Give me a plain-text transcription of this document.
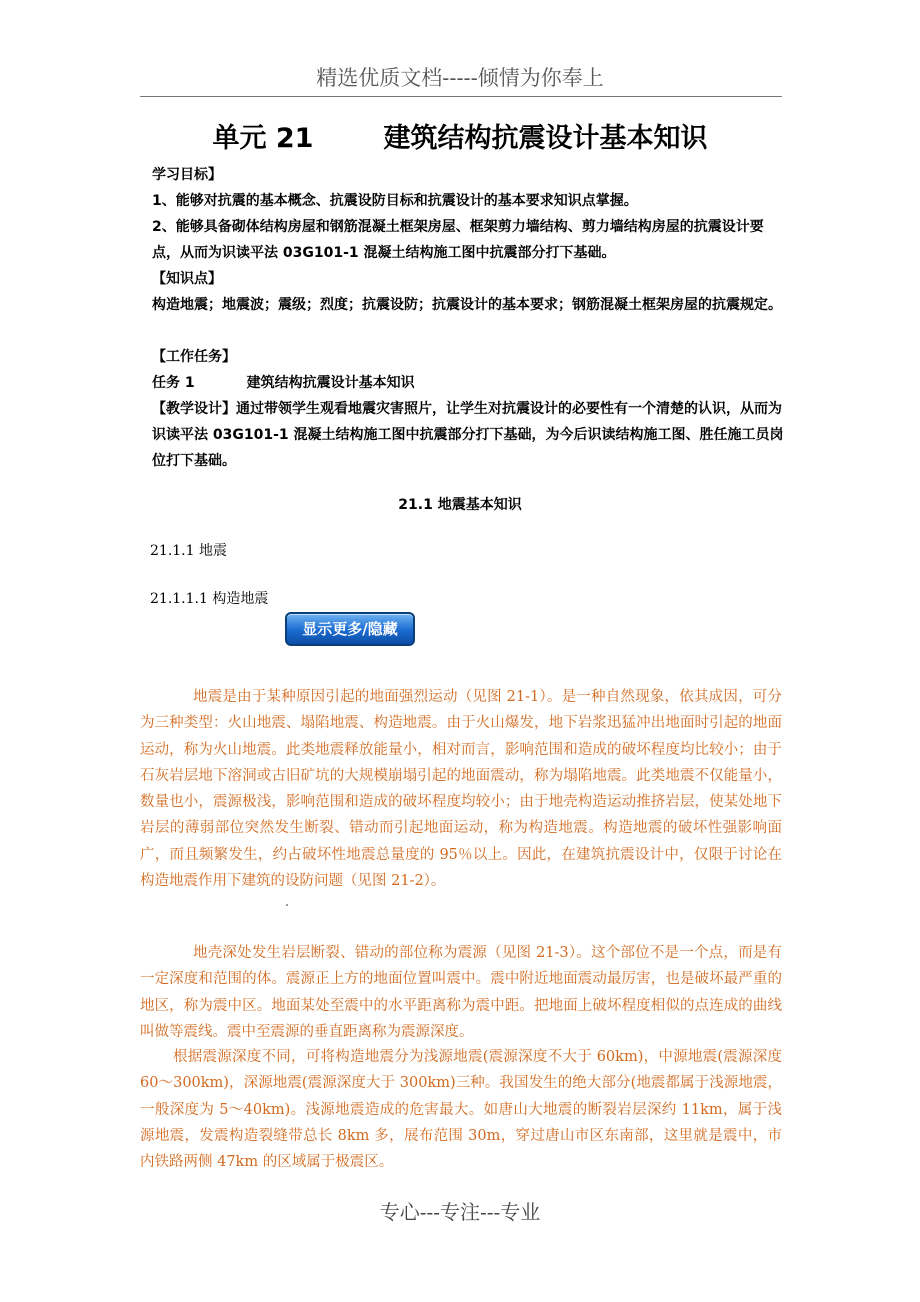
精选优质文档-----倾情为你奉上
单元 21	建筑结构抗震设计基本知识

学习目标】

1、能够对抗震的基本概念、抗震设防目标和抗震设计的基本要求知识点掌握。

2、能够具备砌体结构房屋和钢筋混凝土框架房屋、框架剪力墙结构、剪力墙结构房屋的抗震设计要点，从而为识读平法 03G101-1 混凝土结构施工图中抗震部分打下基础。

【知识点】

构造地震；地震波；震级；烈度；抗震设防；抗震设计的基本要求；钢筋混凝土框架房屋的抗震规定。

【工作任务】

任务 1	建筑结构抗震设计基本知识

【教学设计】通过带领学生观看地震灾害照片，让学生对抗震设计的必要性有一个清楚的认识，从而为识读平法 03G101-1 混凝土结构施工图中抗震部分打下基础，为今后识读结构施工图、胜任施工员岗位打下基础。

21.1 地震基本知识
21.1.1 地震
21.1.1.1 构造地震
显示更多/隐藏

地震是由于某种原因引起的地面强烈运动（见图 21-1）。是一种自然现象，依其成因，可分为三种类型：火山地震、塌陷地震、构造地震。由于火山爆发，地下岩浆迅猛冲出地面时引起的地面运动，称为火山地震。此类地震释放能量小，相对而言，影响范围和造成的破坏程度均比较小；由于石灰岩层地下溶洞或古旧矿坑的大规模崩塌引起的地面震动，称为塌陷地震。此类地震不仅能量小，数量也小，震源极浅，影响范围和造成的破坏程度均较小；由于地壳构造运动推挤岩层，使某处地下岩层的薄弱部位突然发生断裂、错动而引起地面运动，称为构造地震。构造地震的破坏性强影响面广，而且频繁发生，约占破坏性地震总量度的 95％以上。因此，在建筑抗震设计中，仅限于讨论在构造地震作用下建筑的设防问题（见图 21-2）。

地壳深处发生岩层断裂、错动的部位称为震源（见图 21-3）。这个部位不是一个点，而是有一定深度和范围的体。震源正上方的地面位置叫震中。震中附近地面震动最厉害，也是破坏最严重的地区，称为震中区。地面某处至震中的水平距离称为震中距。把地面上破坏程度相似的点连成的曲线叫做等震线。震中至震源的垂直距离称为震源深度。

根据震源深度不同，可将构造地震分为浅源地震(震源深度不大于 60km)，中源地震(震源深度 60～300km)，深源地震(震源深度大于 300km)三种。我国发生的绝大部分(地震都属于浅源地震，一般深度为 5～40km)。浅源地震造成的危害最大。如唐山大地震的断裂岩层深约 11km，属于浅源地震，发震构造裂缝带总长 8km 多，展布范围 30m，穿过唐山市区东南部，这里就是震中，市内铁路两侧 47km 的区域属于极震区。

专心---专注---专业
